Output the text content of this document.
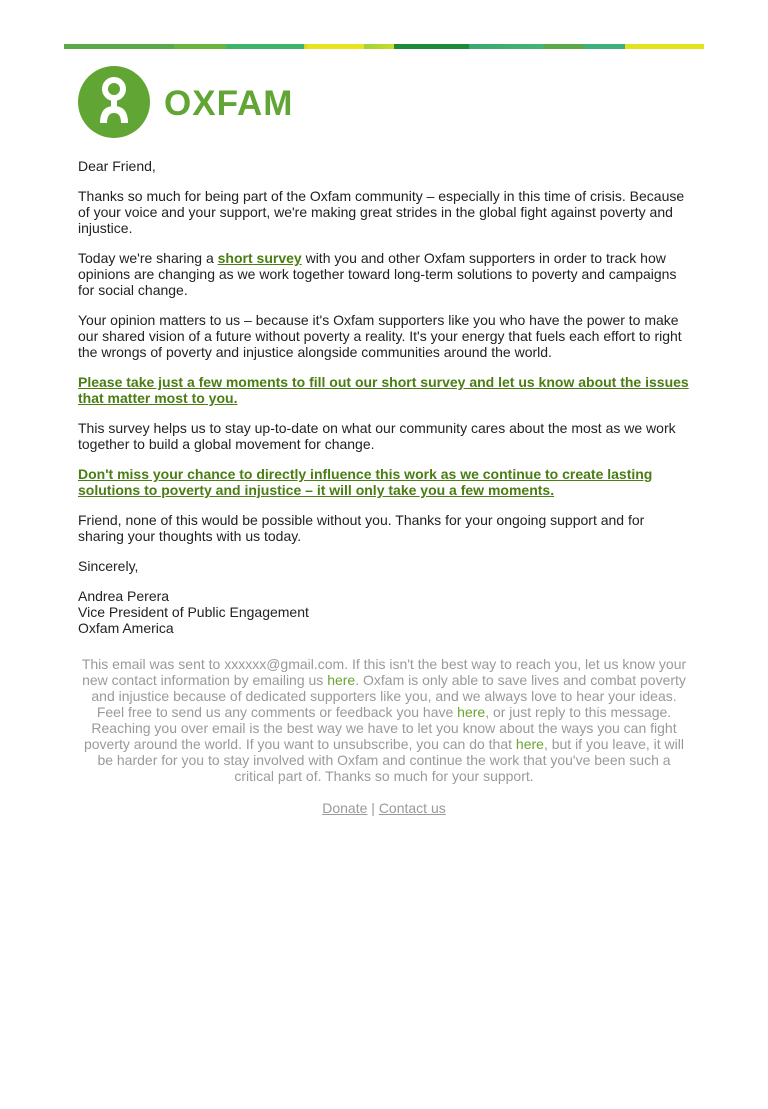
OXFAM

Dear Friend,

Thanks so much for being part of the Oxfam community – especially in this time of crisis. Because of your voice and your support, we're making great strides in the global fight against poverty and injustice.

Today we're sharing a short survey with you and other Oxfam supporters in order to track how opinions are changing as we work together toward long-term solutions to poverty and campaigns for social change.

Your opinion matters to us – because it's Oxfam supporters like you who have the power to make our shared vision of a future without poverty a reality. It's your energy that fuels each effort to right the wrongs of poverty and injustice alongside communities around the world.

Please take just a few moments to fill out our short survey and let us know about the issues that matter most to you.

This survey helps us to stay up-to-date on what our community cares about the most as we work together to build a global movement for change.

Don't miss your chance to directly influence this work as we continue to create lasting solutions to poverty and injustice – it will only take you a few moments.

Friend, none of this would be possible without you. Thanks for your ongoing support and for sharing your thoughts with us today.

Sincerely,

Andrea Perera
Vice President of Public Engagement
Oxfam America

This email was sent to xxxxxx@gmail.com. If this isn't the best way to reach you, let us know your new contact information by emailing us here. Oxfam is only able to save lives and combat poverty and injustice because of dedicated supporters like you, and we always love to hear your ideas. Feel free to send us any comments or feedback you have here, or just reply to this message. Reaching you over email is the best way we have to let you know about the ways you can fight poverty around the world. If you want to unsubscribe, you can do that here, but if you leave, it will be harder for you to stay involved with Oxfam and continue the work that you've been such a critical part of. Thanks so much for your support.
Donate | Contact us
